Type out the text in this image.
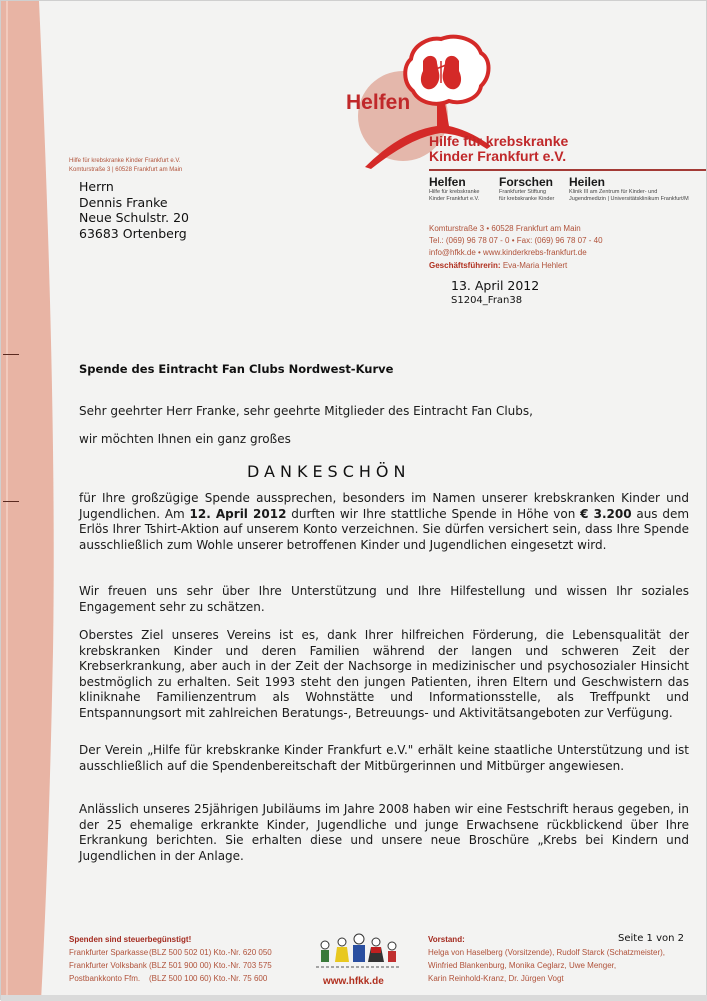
Helfen
Hilfe für krebskranke
Kinder Frankfurt e.V.
Helfen
Hilfe für krebskranke
Kinder Frankfurt e.V.
Forschen
Frankfurter Stiftung
für krebskranke Kinder
Heilen
Klinik III am Zentrum für Kinder- und
Jugendmedizin | Universitätsklinikum Frankfurt/M
Komturstraße 3 • 60528 Frankfurt am Main
Tel.: (069) 96 78 07 - 0 • Fax: (069) 96 78 07 - 40
info@hfkk.de • www.kinderkrebs-frankfurt.de
Geschäftsführerin: Eva-Maria Hehlert
13. April 2012
S1204_Fran38
Hilfe für krebskranke Kinder Frankfurt e.V.
Komturstraße 3 | 60528 Frankfurt am Main
Herrn
Dennis Franke
Neue Schulstr. 20
63683 Ortenberg
Spende des Eintracht Fan Clubs Nordwest-Kurve
Sehr geehrter Herr Franke, sehr geehrte Mitglieder des Eintracht Fan Clubs,
wir möchten Ihnen ein ganz großes
DANKESCHÖN
für Ihre großzügige Spende aussprechen, besonders im Namen unserer krebskranken Kinder und Jugendlichen. Am 12. April 2012 durften wir Ihre stattliche Spende in Höhe von € 3.200 aus dem Erlös Ihrer Tshirt-Aktion auf unserem Konto verzeichnen. Sie dürfen versichert sein, dass Ihre Spende ausschließlich zum Wohle unserer betroffenen Kinder und Jugendlichen eingesetzt wird.
Wir freuen uns sehr über Ihre Unterstützung und Ihre Hilfestellung und wissen Ihr soziales Engagement sehr zu schätzen.
Oberstes Ziel unseres Vereins ist es, dank Ihrer hilfreichen Förderung, die Lebensqualität der krebskranken Kinder und deren Familien während der langen und schweren Zeit der Krebserkrankung, aber auch in der Zeit der Nachsorge in medizinischer und psychosozialer Hinsicht bestmöglich zu erhalten. Seit 1993 steht den jungen Patienten, ihren Eltern und Geschwistern das kliniknahe Familienzentrum als Wohnstätte und Informationsstelle, als Treffpunkt und Entspannungsort mit zahlreichen Beratungs-, Betreuungs- und Aktivitätsangeboten zur Verfügung.
Der Verein „Hilfe für krebskranke Kinder Frankfurt e.V." erhält keine staatliche Unterstützung und ist ausschließlich auf die Spendenbereitschaft der Mitbürgerinnen und Mitbürger angewiesen.
Anlässlich unseres 25jährigen Jubiläums im Jahre 2008 haben wir eine Festschrift heraus gegeben, in der 25 ehemalige erkrankte Kinder, Jugendliche und junge Erwachsene rückblickend über Ihre Erkrankung berichten. Sie erhalten diese und unsere neue Broschüre „Krebs bei Kindern und Jugendlichen in der Anlage.
Spenden sind steuerbegünstigt!
Frankfurter Sparkasse(BLZ 500 502 01) Kto.-Nr. 620 050
Frankfurter Volksbank (BLZ 501 900 00) Kto.-Nr. 703 575
Postbankkonto Ffm. (BLZ 500 100 60) Kto.-Nr. 75 600	www.hfkk.de
Vorstand:
Helga von Haselberg (Vorsitzende), Rudolf Starck (Schatzmeister),
Winfried Blankenburg, Monika Ceglarz, Uwe Menger,
Karin Reinhold-Kranz, Dr. Jürgen Vogt
Seite 1 von 2
